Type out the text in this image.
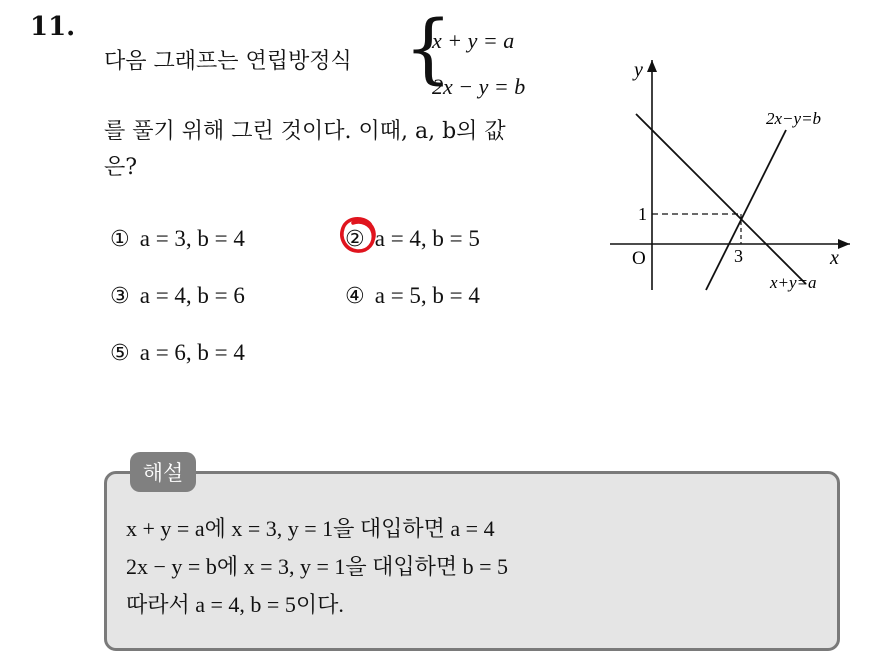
11.
다음 그래프는 연립방정식 {
x + y = a
2x − y = b
를 풀기 위해 그린 것이다. 이때, a, b의 값
은?
① a = 3, b = 4	② a = 4, b = 5
③ a = 4, b = 6	④ a = 5, b = 4
⑤ a = 6, b = 4
y
x
O	3
1
2x−y=b
x+y=a
해설
x + y = a에 x = 3, y = 1을 대입하면 a = 4
2x − y = b에 x = 3, y = 1을 대입하면 b = 5
따라서 a = 4, b = 5이다.
